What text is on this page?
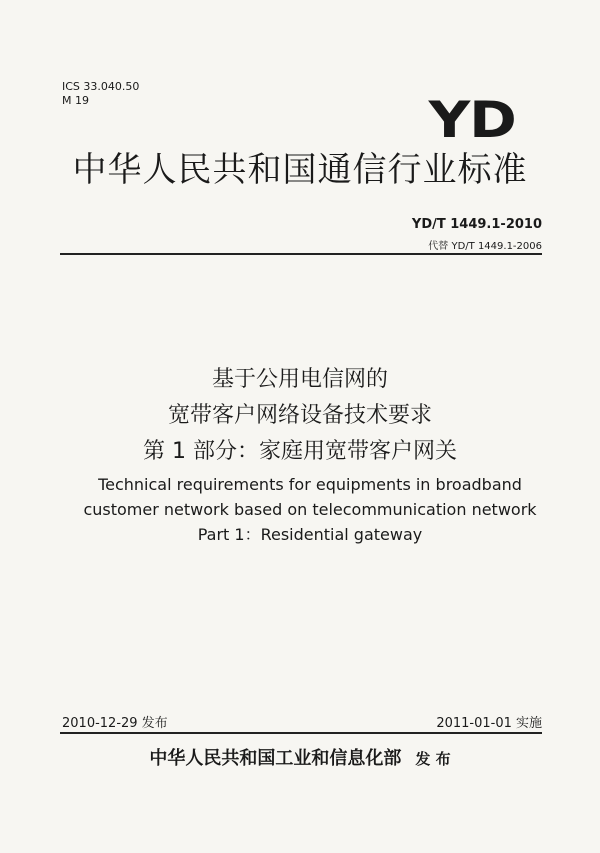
ICS 33.040.50
M 19	YD
中华人民共和国通信行业标准
YD/T 1449.1-2010
代替 YD/T 1449.1-2006
基于公用电信网的
宽带客户网络设备技术要求
第 1 部分：家庭用宽带客户网关
Technical requirements for equipments in broadband
customer network based on telecommunication network
Part 1：Residential gateway
2010-12-29 发布	2011-01-01 实施
中华人民共和国工业和信息化部 发 布
